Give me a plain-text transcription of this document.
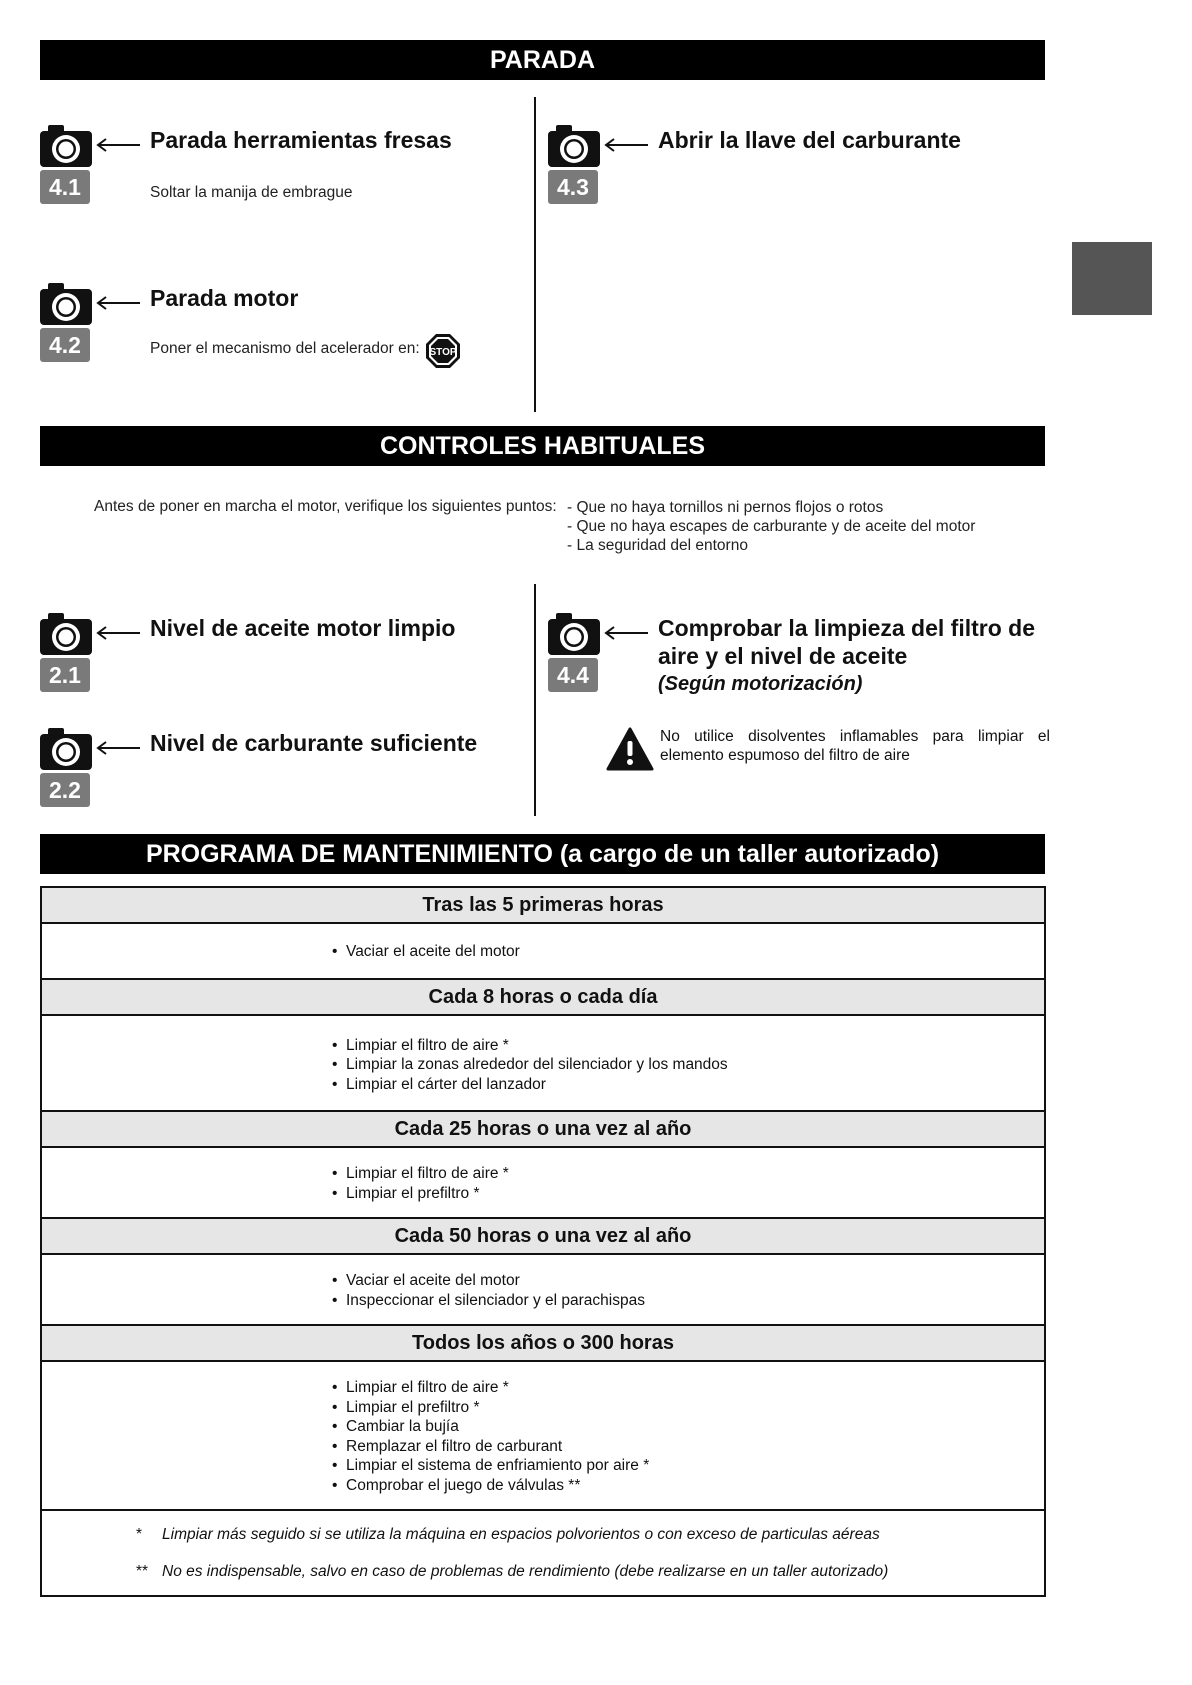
PARADA
4.1
Parada herramientas fresas
Soltar la manija de embrague
4.2
Parada motor
Poner el mecanismo del acelerador en: STOP
4.3
Abrir la llave del carburante
CONTROLES HABITUALES
Antes de poner en marcha el motor, verifique los siguientes puntos: - Que no haya tornillos ni pernos flojos o rotos
- Que no haya escapes de carburante y de aceite del motor
- La seguridad del entorno
2.1
Nivel de aceite motor limpio
2.2
Nivel de carburante suficiente
4.4
Comprobar la limpieza del filtro de
aire y el nivel de aceite
(Según motorización)
No utilice disolventes inflamables para limpiar el elemento espumoso del filtro de aire
PROGRAMA DE MANTENIMIENTO (a cargo de un taller autorizado)
Tras las 5 primeras horas
• Vaciar el aceite del motor
Cada 8 horas o cada día
• Limpiar el filtro de aire *
• Limpiar la zonas alrededor del silenciador y los mandos
• Limpiar el cárter del lanzador
Cada 25 horas o una vez al año
• Limpiar el filtro de aire *
• Limpiar el prefiltro *
Cada 50 horas o una vez al año
• Vaciar el aceite del motor
• Inspeccionar el silenciador y el parachispas
Todos los años o 300 horas
• Limpiar el filtro de aire *
• Limpiar el prefiltro *
• Cambiar la bujía
• Remplazar el filtro de carburant
• Limpiar el sistema de enfriamiento por aire *
• Comprobar el juego de válvulas **
* Limpiar más seguido si se utiliza la máquina en espacios polvorientos o con exceso de particulas aéreas
** No es indispensable, salvo en caso de problemas de rendimiento (debe realizarse en un taller autorizado)
